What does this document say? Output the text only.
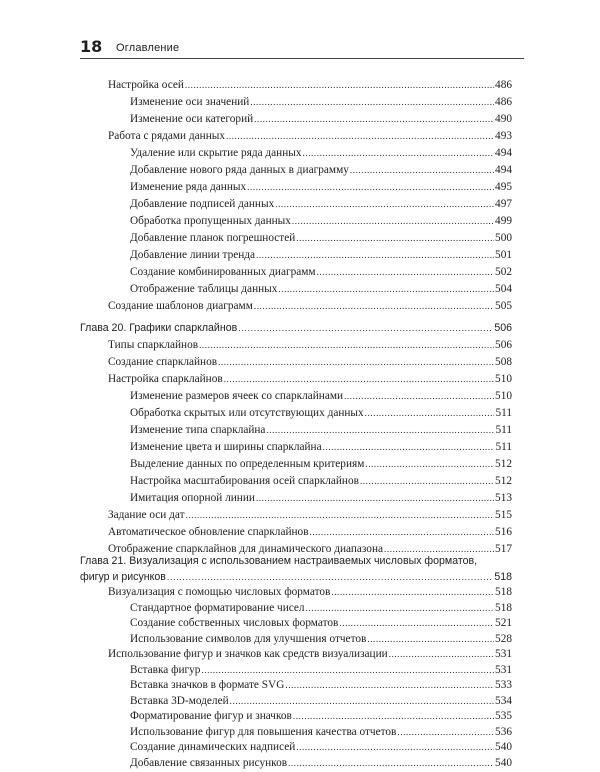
18 Оглавление
Настройка осей .....	486
Изменение оси значений .....	486
Изменение оси категорий .....	490
Работа с рядами данных .....	493
Удаление или скрытие ряда данных .....	494
Добавление нового ряда данных в диаграмму .....	494
Изменение ряда данных .....	495
Добавление подписей данных .....	497
Обработка пропущенных данных .....	499
Добавление планок погрешностей .....	500
Добавление линии тренда .....	501
Создание комбинированных диаграмм .....	502
Отображение таблицы данных .....	504
Создание шаблонов диаграмм .....	505
Глава 20. Графики спарклайнов .....	506
Типы спарклайнов .....	506
Создание спарклайнов .....	508
Настройка спарклайнов .....	510
Изменение размеров ячеек со спарклайнами .....	510
Обработка скрытых или отсутствующих данных .....	511
Изменение типа спарклайна .....	511
Изменение цвета и ширины спарклайна .....	511
Выделение данных по определенным критериям .....	512
Настройка масштабирования осей спарклайнов .....	512
Имитация опорной линии .....	513
Задание оси дат .....	515
Автоматическое обновление спарклайнов .....	516
Отображение спарклайнов для динамического диапазона .....	517
Глава 21. Визуализация с использованием настраиваемых числовых форматов,
фигур и рисунков .....	518
Визуализация с помощью числовых форматов .....	518
Стандартное форматирование чисел .....	518
Создание собственных числовых форматов .....	521
Использование символов для улучшения отчетов .....	528
Использование фигур и значков как средств визуализации .....	531
Вставка фигур .....	531
Вставка значков в формате SVG .....	533
Вставка 3D-моделей .....	534
Форматирование фигур и значков .....	535
Использование фигур для повышения качества отчетов .....	536
Создание динамических надписей .....	540
Добавление связанных рисунков .....	540
